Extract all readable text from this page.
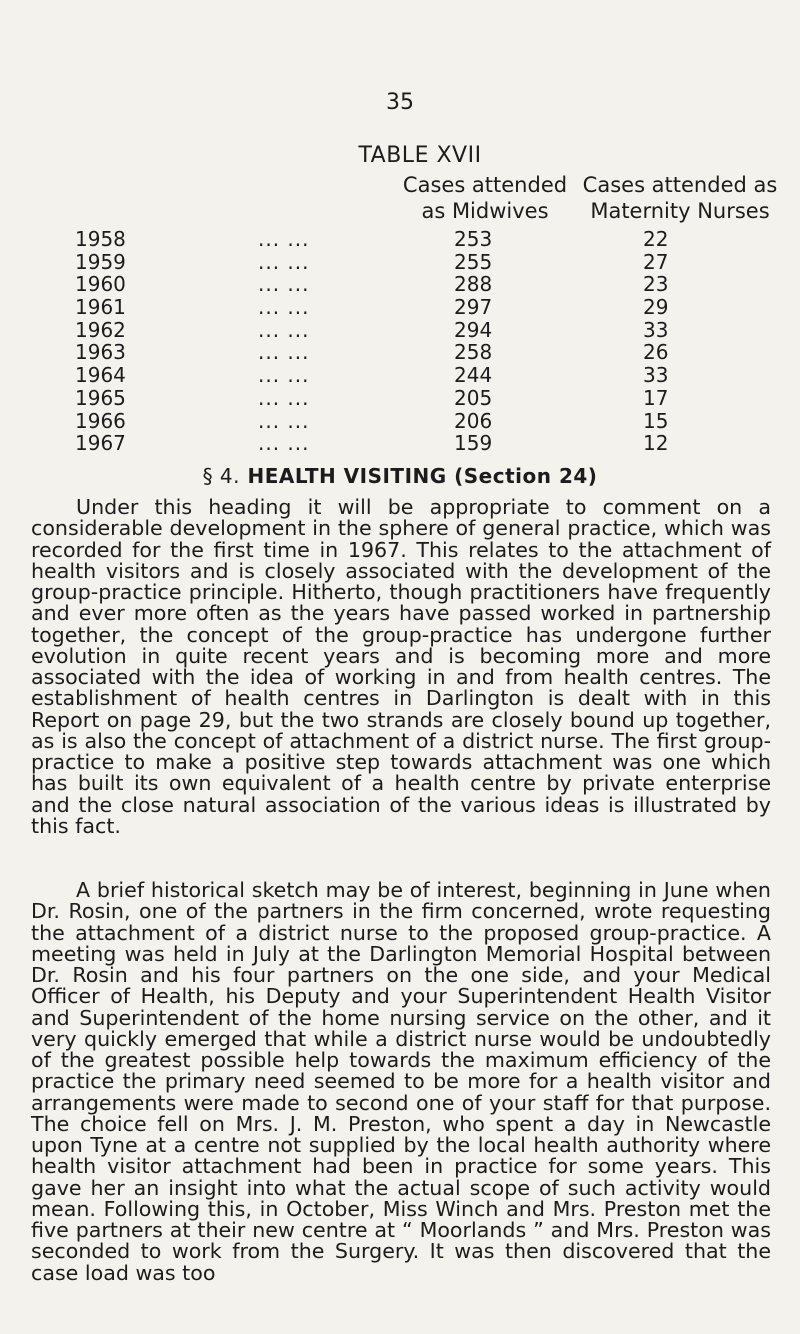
35
TABLE XVII
Cases attended
as Midwives
Cases attended as
Maternity Nurses
1958	... ...	253	22
1959	... ...	255	27
1960	... ...	288	23
1961	... ...	297	29
1962	... ...	294	33
1963	... ...	258	26
1964	... ...	244	33
1965	... ...	205	17
1966	... ...	206	15
1967	... ...	159	12
§ 4. HEALTH VISITING (Section 24)

Under this heading it will be appropriate to comment on a considerable development in the sphere of general practice, which was recorded for the first time in 1967. This relates to the attachment of health visitors and is closely associated with the development of the group-practice principle. Hitherto, though practitioners have frequently and ever more often as the years have passed worked in partnership together, the concept of the group-practice has undergone further evolution in quite recent years and is becoming more and more associated with the idea of working in and from health centres. The establishment of health centres in Darlington is dealt with in this Report on page 29, but the two strands are closely bound up together, as is also the concept of attachment of a district nurse. The first group-practice to make a positive step towards attachment was one which has built its own equivalent of a health centre by private enterprise and the close natural association of the various ideas is illustrated by this fact.

A brief historical sketch may be of interest, beginning in June when Dr. Rosin, one of the partners in the firm concerned, wrote requesting the attachment of a district nurse to the proposed group-practice. A meeting was held in July at the Darlington Memorial Hospital between Dr. Rosin and his four partners on the one side, and your Medical Officer of Health, his Deputy and your Superintendent Health Visitor and Superintendent of the home nursing service on the other, and it very quickly emerged that while a district nurse would be undoubtedly of the greatest possible help towards the maximum efficiency of the practice the primary need seemed to be more for a health visitor and arrangements were made to second one of your staff for that purpose. The choice fell on Mrs. J. M. Preston, who spent a day in Newcastle upon Tyne at a centre not supplied by the local health authority where health visitor attachment had been in practice for some years. This gave her an insight into what the actual scope of such activity would mean. Following this, in October, Miss Winch and Mrs. Preston met the five partners at their new centre at “ Moorlands ” and Mrs. Preston was seconded to work from the Surgery. It was then discovered that the case load was too
